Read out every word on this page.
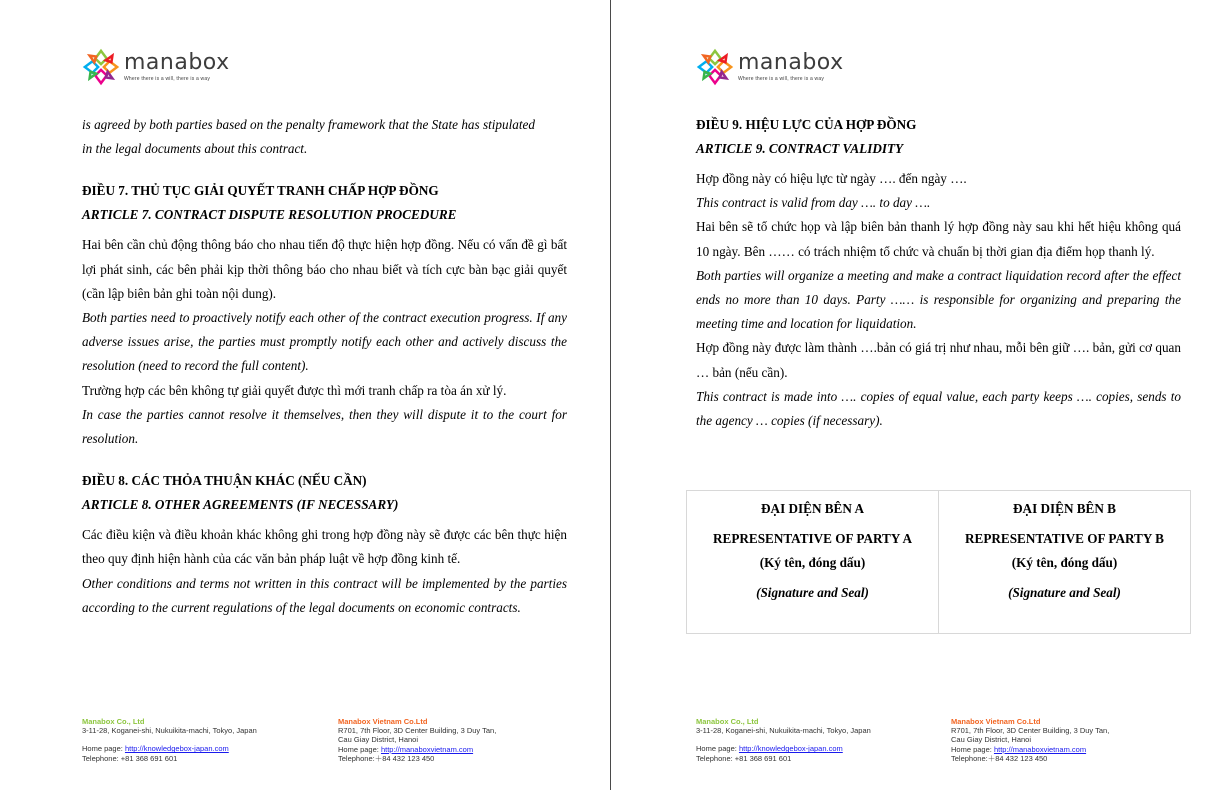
manabox
Where there is a will, there is a way
is agreed by both parties based on the penalty framework that the State has stipulated
in the legal documents about this contract.
ĐIỀU 7. THỦ TỤC GIẢI QUYẾT TRANH CHẤP HỢP ĐỒNG
ARTICLE 7. CONTRACT DISPUTE RESOLUTION PROCEDURE
Hai bên cần chủ động thông báo cho nhau tiến độ thực hiện hợp đồng. Nếu có vấn đề gì bất lợi phát sinh, các bên phải kịp thời thông báo cho nhau biết và tích cực bàn bạc giải quyết (cần lập biên bản ghi toàn nội dung).
Both parties need to proactively notify each other of the contract execution progress. If any adverse issues arise, the parties must promptly notify each other and actively discuss the resolution (need to record the full content).
Trường hợp các bên không tự giải quyết được thì mới tranh chấp ra tòa án xử lý.
In case the parties cannot resolve it themselves, then they will dispute it to the court for resolution.
ĐIỀU 8. CÁC THỎA THUẬN KHÁC (NẾU CẦN)
ARTICLE 8. OTHER AGREEMENTS (IF NECESSARY)
Các điều kiện và điều khoản khác không ghi trong hợp đồng này sẽ được các bên thực hiện theo quy định hiện hành của các văn bản pháp luật về hợp đồng kinh tế.
Other conditions and terms not written in this contract will be implemented by the parties according to the current regulations of the legal documents on economic contracts.
Manabox Co., Ltd
3-11-28, Koganei-shi, Nukuikita-machi, Tokyo, Japan
Home page: http://knowledgebox-japan.com
Telephone: +81 368 691 601
Manabox Vietnam Co.Ltd
R701, 7th Floor, 3D Center Building, 3 Duy Tan,
Cau Giay District, Hanoi
Home page: http://manaboxvietnam.com
Telephone:＋84 432 123 450
manabox
Where there is a will, there is a way
ĐIỀU 9. HIỆU LỰC CỦA HỢP ĐỒNG
ARTICLE 9. CONTRACT VALIDITY
Hợp đồng này có hiệu lực từ ngày …. đến ngày ….
This contract is valid from day …. to day ….
Hai bên sẽ tổ chức họp và lập biên bản thanh lý hợp đồng này sau khi hết hiệu không quá 10 ngày. Bên …… có trách nhiệm tổ chức và chuẩn bị thời gian địa điểm họp thanh lý.
Both parties will organize a meeting and make a contract liquidation record after the effect ends no more than 10 days. Party …… is responsible for organizing and preparing the meeting time and location for liquidation.
Hợp đồng này được làm thành ….bản có giá trị như nhau, mỗi bên giữ …. bản, gửi cơ quan … bản (nếu cần).
This contract is made into …. copies of equal value, each party keeps …. copies, sends to the agency … copies (if necessary).
ĐẠI DIỆN BÊN A
REPRESENTATIVE OF PARTY A
(Ký tên, đóng dấu)
(Signature and Seal)
ĐẠI DIỆN BÊN B
REPRESENTATIVE OF PARTY B
(Ký tên, đóng dấu)
(Signature and Seal)
Manabox Co., Ltd
3-11-28, Koganei-shi, Nukuikita-machi, Tokyo, Japan
Home page: http://knowledgebox-japan.com
Telephone: +81 368 691 601
Manabox Vietnam Co.Ltd
R701, 7th Floor, 3D Center Building, 3 Duy Tan,
Cau Giay District, Hanoi
Home page: http://manaboxvietnam.com
Telephone:＋84 432 123 450
